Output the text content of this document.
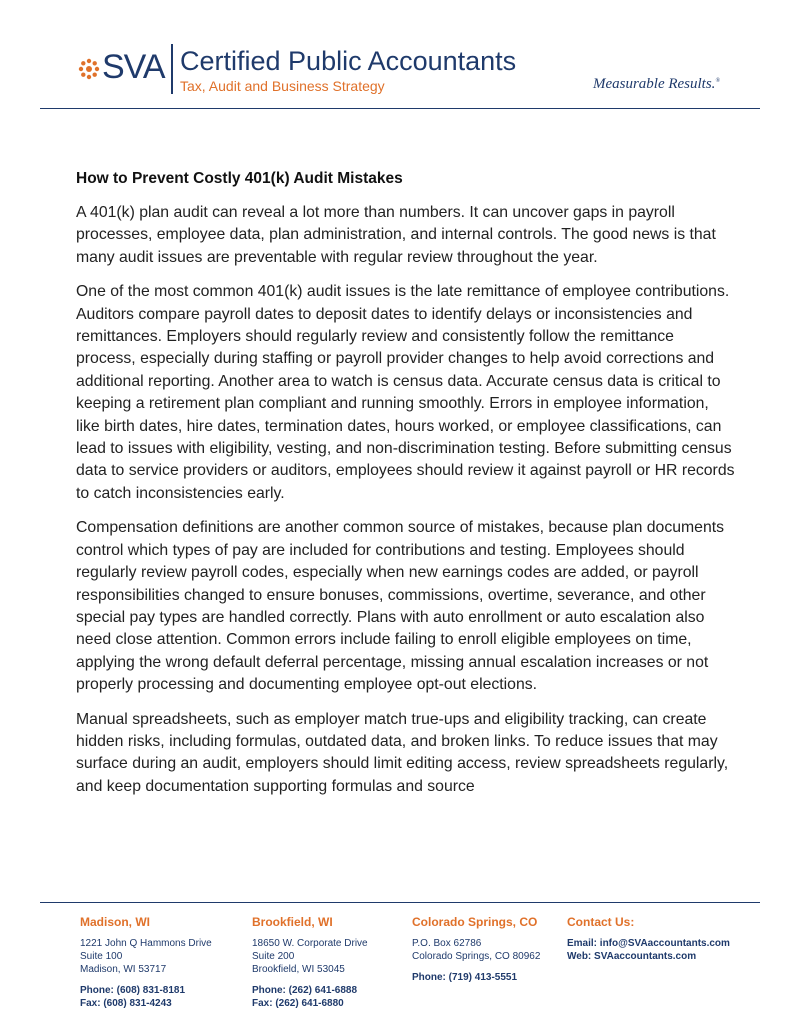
SVA Certified Public Accountants
Tax, Audit and Business Strategy	Measurable Results.®
How to Prevent Costly 401(k) Audit Mistakes

A 401(k) plan audit can reveal a lot more than numbers. It can uncover gaps in payroll processes, employee data, plan administration, and internal controls. The good news is that many audit issues are preventable with regular review throughout the year.

One of the most common 401(k) audit issues is the late remittance of employee contributions. Auditors compare payroll dates to deposit dates to identify delays or inconsistencies and remittances. Employers should regularly review and consistently follow the remittance process, especially during staffing or payroll provider changes to help avoid corrections and additional reporting. Another area to watch is census data. Accurate census data is critical to keeping a retirement plan compliant and running smoothly. Errors in employee information, like birth dates, hire dates, termination dates, hours worked, or employee classifications, can lead to issues with eligibility, vesting, and non-discrimination testing. Before submitting census data to service providers or auditors, employees should review it against payroll or HR records to catch inconsistencies early.

Compensation definitions are another common source of mistakes, because plan documents control which types of pay are included for contributions and testing. Employees should regularly review payroll codes, especially when new earnings codes are added, or payroll responsibilities changed to ensure bonuses, commissions, overtime, severance, and other special pay types are handled correctly. Plans with auto enrollment or auto escalation also need close attention. Common errors include failing to enroll eligible employees on time, applying the wrong default deferral percentage, missing annual escalation increases or not properly processing and documenting employee opt-out elections.

Manual spreadsheets, such as employer match true-ups and eligibility tracking, can create hidden risks, including formulas, outdated data, and broken links. To reduce issues that may surface during an audit, employers should limit editing access, review spreadsheets regularly, and keep documentation supporting formulas and source

Madison, WI
1221 John Q Hammons Drive
Suite 100
Madison, WI 53717
Phone: (608) 831-8181
Fax: (608) 831-4243
Brookfield, WI
18650 W. Corporate Drive
Suite 200
Brookfield, WI 53045
Phone: (262) 641-6888
Fax: (262) 641-6880
Colorado Springs, CO
P.O. Box 62786
Colorado Springs, CO 80962
Phone: (719) 413-5551
Contact Us:
Email: info@SVAaccountants.com
Web: SVAaccountants.com
